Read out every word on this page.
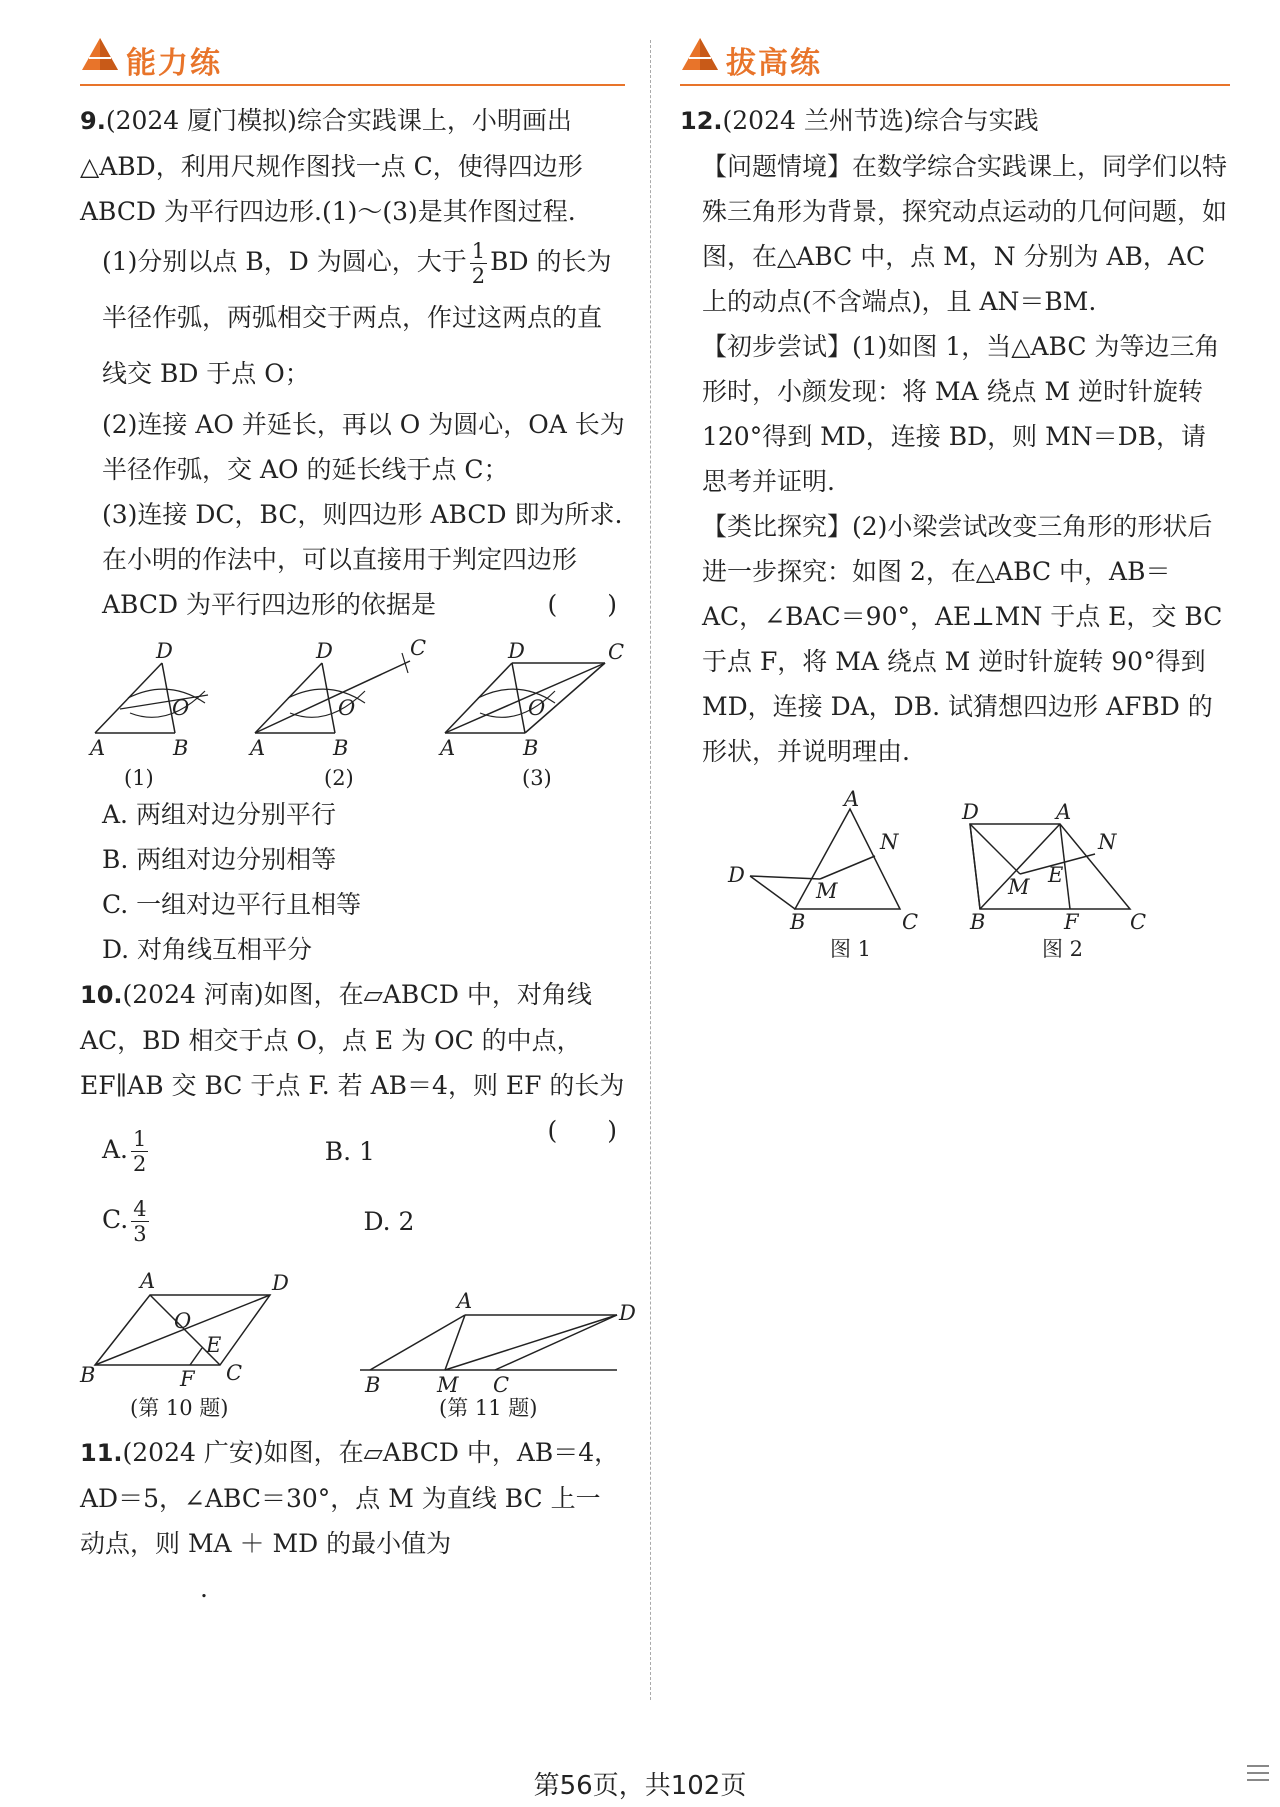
能力练

9.(2024 厦门模拟)综合实践课上，小明画出△ABD，利用尺规作图找一点 C，使得四边形 ABCD 为平行四边形.(1)～(3)是其作图过程.

(1)分别以点 B，D 为圆心，大于 $\frac{1}{2}$ BD 的长为半径作弧，两弧相交于两点，作过这两点的直线交 BD 于点 O；

(2)连接 AO 并延长，再以 O 为圆心，OA 长为半径作弧，交 AO 的延长线于点 C；

(3)连接 DC，BC，则四边形 ABCD 即为所求.

在小明的作法中，可以直接用于判定四边形 ABCD 为平行四边形的依据是	(　　)

D
A	B
O
(1)
D
A	B
O
C
(2)
D
A	B
O
C
(3)

A. 两组对边分别平行

B. 两组对边分别相等

C. 一组对边平行且相等

D. 对角线互相平分

10.(2024 河南)如图，在▱ABCD 中，对角线 AC，BD 相交于点 O，点 E 为 OC 的中点，EF∥AB 交 BC 于点 F. 若 AB＝4，则 EF 的长为
(　　)

A. $\frac{1}{2}$	B. 1
C. $\frac{4}{3}$	D. 2
A	D
B	C
O
E
F
(第 10 题)
A	D
B	M C
(第 11 题)

11.(2024 广安)如图，在▱ABCD 中，AB＝4，AD＝5，∠ABC＝30°，点 M 为直线 BC 上一动点，则 MA ＋ MD 的最小值为

.

拔高练

12.(2024 兰州节选)综合与实践

【问题情境】在数学综合实践课上，同学们以特殊三角形为背景，探究动点运动的几何问题，如图，在△ABC 中，点 M，N 分别为 AB，AC 上的动点(不含端点)，且 AN＝BM.

【初步尝试】(1)如图 1，当△ABC 为等边三角形时，小颜发现：将 MA 绕点 M 逆时针旋转 120°得到 MD，连接 BD，则 MN＝DB，请思考并证明.

【类比探究】(2)小梁尝试改变三角形的形状后进一步探究：如图 2，在△ABC 中，AB＝AC，∠BAC＝90°，AE⊥MN 于点 E，交 BC 于点 F，将 MA 绕点 M 逆时针旋转 90°得到 MD，连接 DA，DB. 试猜想四边形 AFBD 的形状，并说明理由.

A
D
N
M
B	C
图 1
D	A
N
M E
B	F C
图 2
第56页，共102页
